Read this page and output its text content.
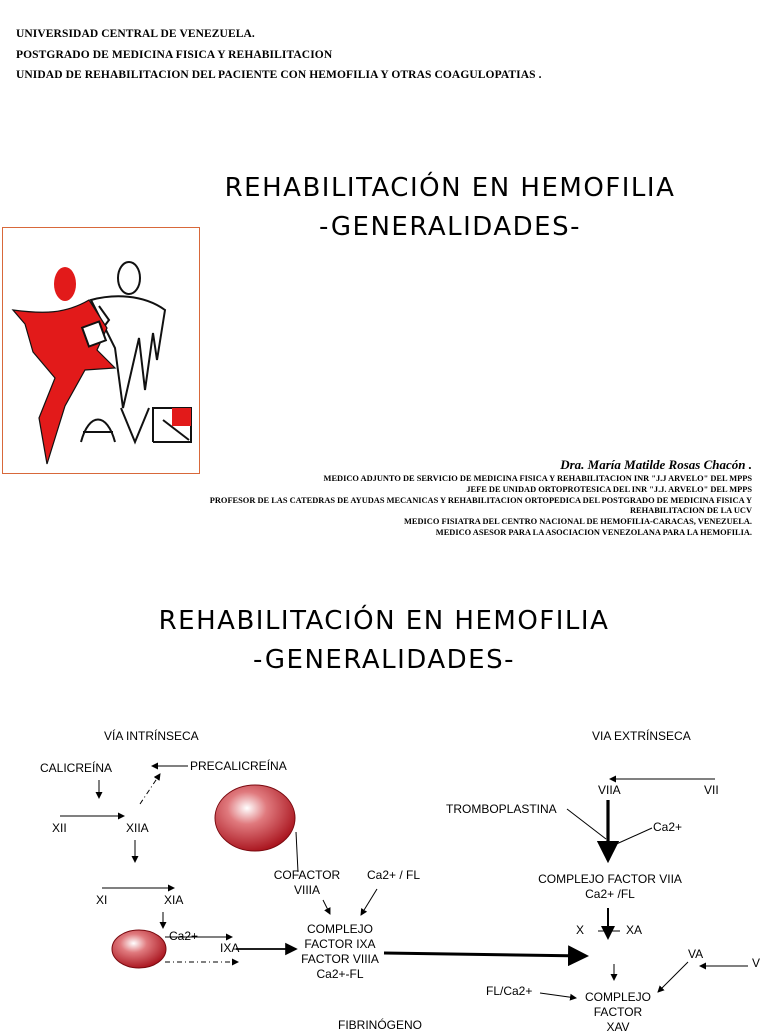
UNIVERSIDAD CENTRAL DE VENEZUELA.
POSTGRADO DE MEDICINA FISICA Y REHABILITACION
UNIDAD DE REHABILITACION DEL PACIENTE CON HEMOFILIA Y OTRAS COAGULOPATIAS .
REHABILITACIÓN EN HEMOFILIA
-GENERALIDADES-
Dra. María Matilde Rosas Chacón .
MEDICO ADJUNTO DE SERVICIO DE MEDICINA FISICA Y REHABILITACION INR "J.J ARVELO" DEL MPPS
JEFE DE UNIDAD ORTOPROTESICA DEL INR "J.J. ARVELO" DEL MPPS
PROFESOR DE LAS CATEDRAS DE AYUDAS MECANICAS Y REHABILITACION ORTOPEDICA DEL POSTGRADO DE MEDICINA FISICA Y
REHABILITACION DE LA UCV
MEDICO FISIATRA DEL CENTRO NACIONAL DE HEMOFILIA-CARACAS, VENEZUELA.
MEDICO ASESOR PARA LA ASOCIACION VENEZOLANA PARA LA HEMOFILIA.
REHABILITACIÓN EN HEMOFILIA
-GENERALIDADES-
VÍA INTRÍNSECA	VIA EXTRÍNSECA
CALICREÍNA	PRECALICREÍNA
XII	XIIA
XI	XIA
Ca2+
IXA
COFACTOR
VIIIA
Ca2+ / FL
COMPLEJO
FACTOR IXA
FACTOR VIIIA
Ca2+-FL
VIIA	VII
TROMBOPLASTINA
Ca2+
COMPLEJO FACTOR VIIA
Ca2+ /FL
X	XA
VA
V
FL/Ca2+	COMPLEJO
FACTOR
XAV
FIBRINÓGENO
